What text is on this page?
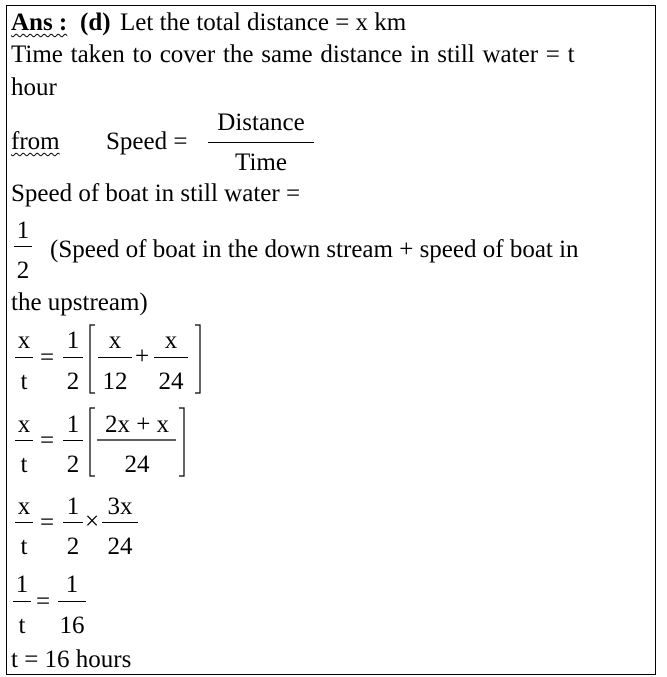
Ans : (d) Let the total distance = x km
Time taken to cover the same distance in still water = t
hour
from Speed =
Distance
Time
Speed of boat in still water =
1
2
(Speed of boat in the down stream + speed of boat in
the upstream)
x
t
=
1
2
x
12
+
x
24
x
t
=
1
2
2x + x
24
x
t
=
1
2
×
3x
24
1
t
=
1
16
t = 16 hours
